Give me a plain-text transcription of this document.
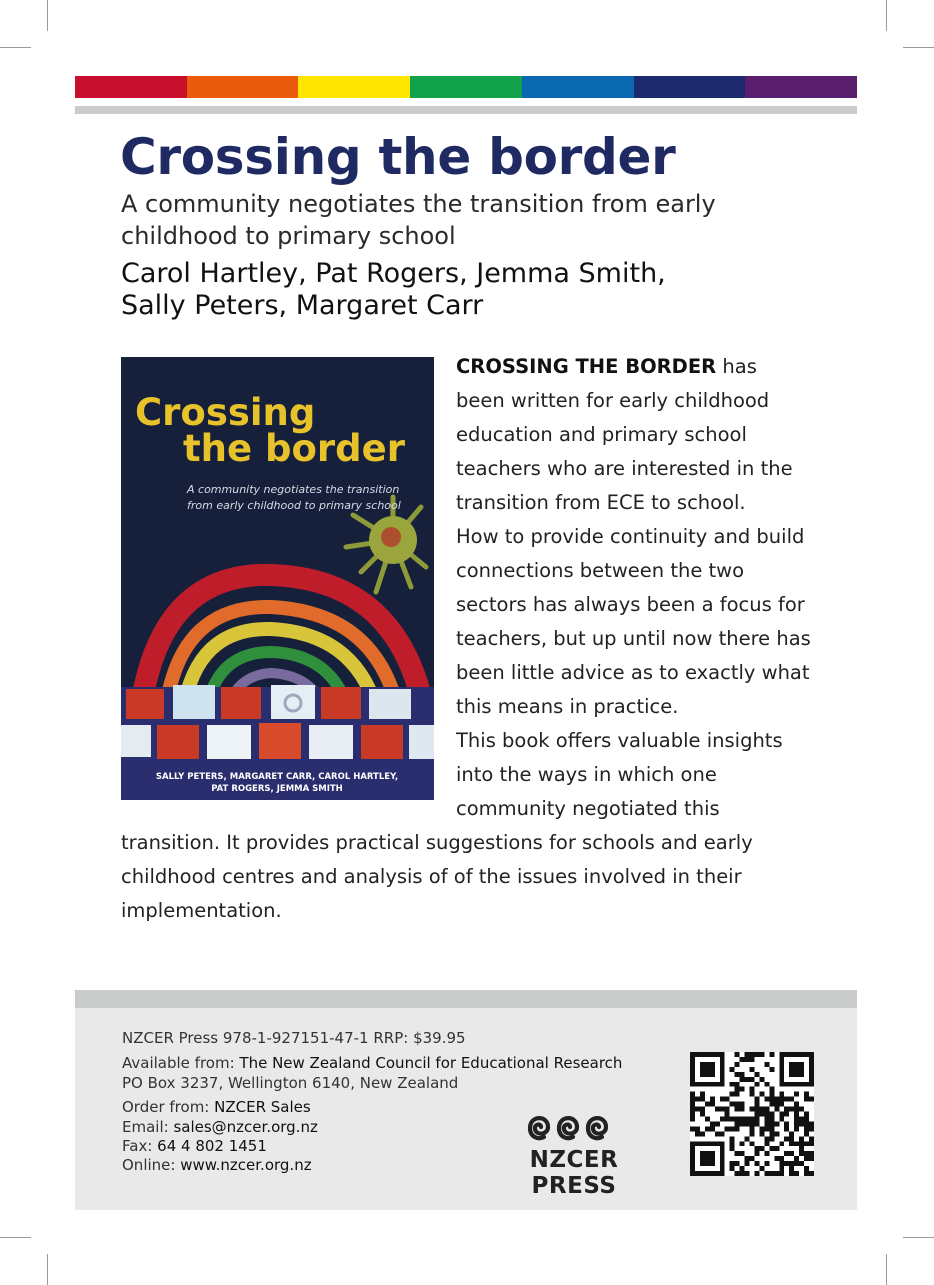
Crossing the border
A community negotiates the transition from early childhood to primary school
Carol Hartley, Pat Rogers, Jemma Smith,
Sally Peters, Margaret Carr
Crossing
the border
A community negotiates the transition
from early childhood to primary school
SALLY PETERS, MARGARET CARR, CAROL HARTLEY,
PAT ROGERS, JEMMA SMITH

CROSSING THE BORDER has been written for early childhood education and primary school teachers who are interested in the transition from ECE to school.

How to provide continuity and build connections between the two sectors has always been a focus for teachers, but up until now there has been little advice as to exactly what this means in practice.

This book offers valuable insights into the ways in which one community negotiated this transition. It provides practical suggestions for schools and early childhood centres and analysis of of the issues involved in their implementation.

NZCER Press 978-1-927151-47-1 RRP: $39.95
Available from: The New Zealand Council for Educational Research
PO Box 3237, Wellington 6140, New Zealand
Order from: NZCER Sales
Email: sales@nzcer.org.nz
Fax: 64 4 802 1451
Online: www.nzcer.org.nz	NZCER PRESS
